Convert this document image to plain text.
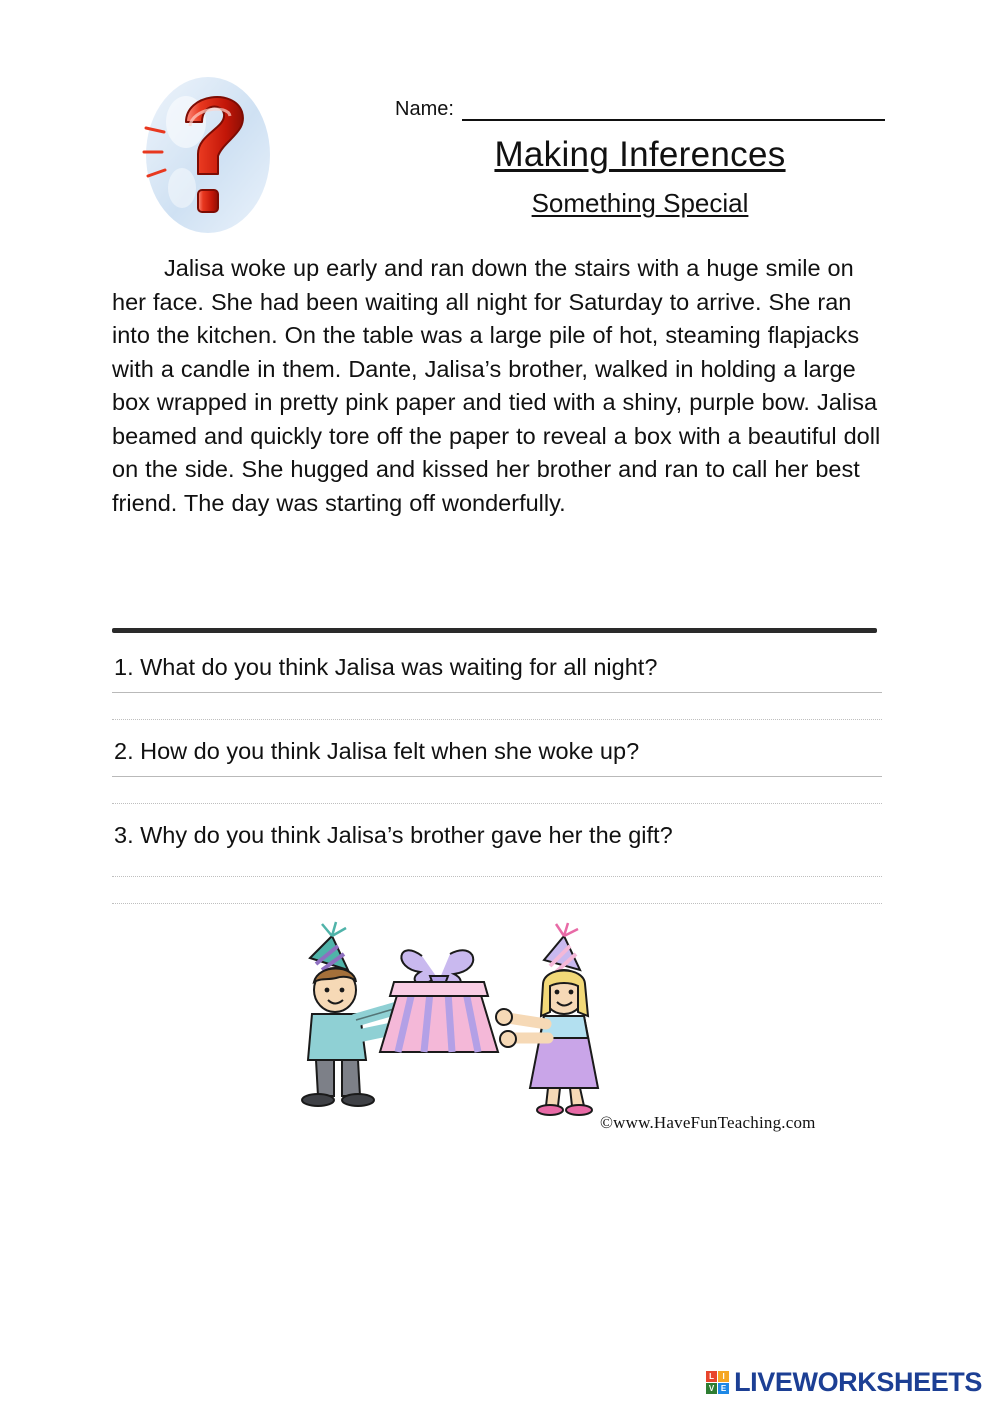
Name:
Making Inferences
Something Special
Jalisa woke up early and ran down the stairs with a huge smile on her face. She had been waiting all night for Saturday to arrive. She ran into the kitchen. On the table was a large pile of hot, steaming flapjacks with a candle in them. Dante, Jalisa’s brother, walked in holding a large box wrapped in pretty pink paper and tied with a shiny, purple bow. Jalisa beamed and quickly tore off the paper to reveal a box with a beautiful doll on the side. She hugged and kissed her brother and ran to call her best friend. The day was starting off wonderfully.
1. What do you think Jalisa was waiting for all night?
2. How do you think Jalisa felt when she woke up?
3. Why do you think Jalisa’s brother gave her the gift?
©www.HaveFunTeaching.com
L	I
V E LIVEWORKSHEETS
